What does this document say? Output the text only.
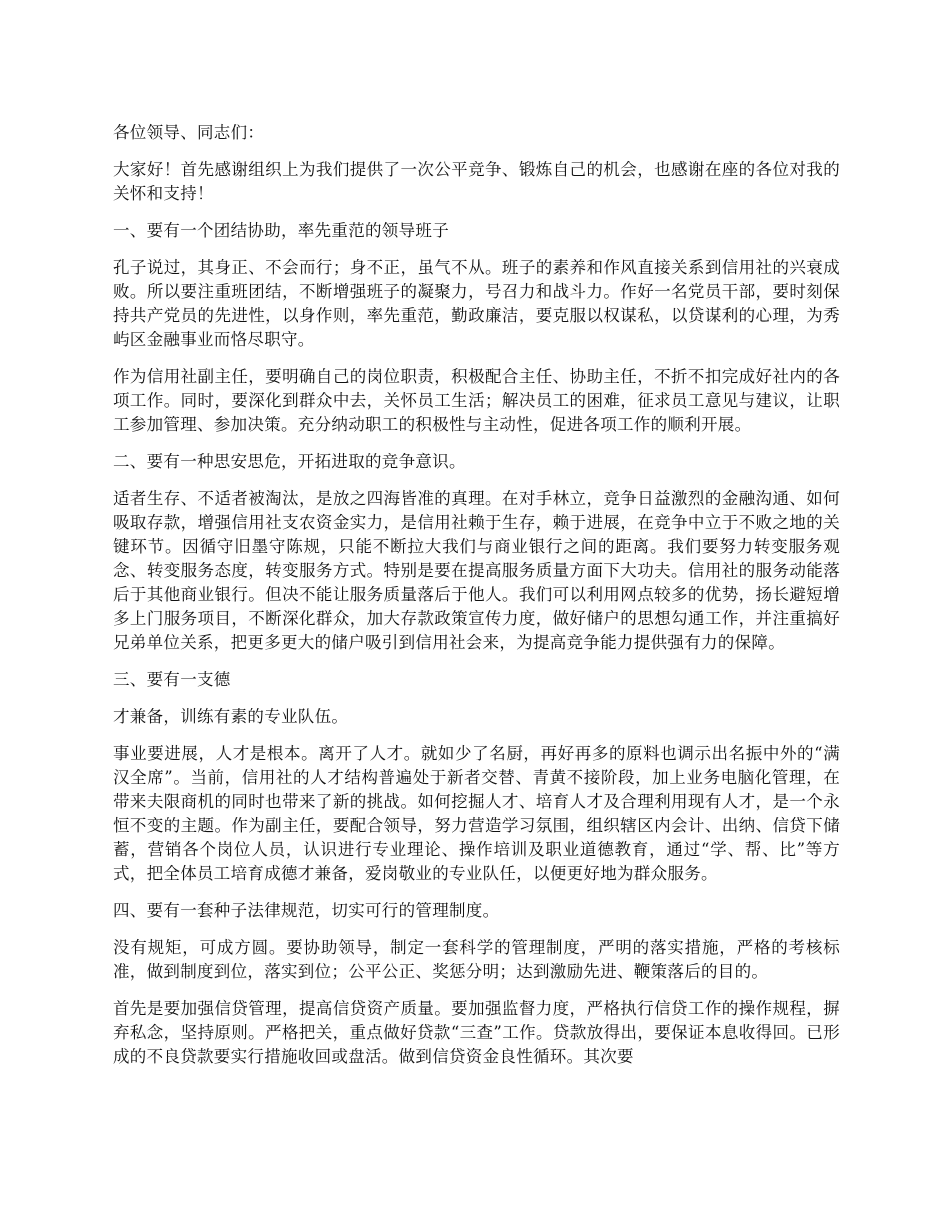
各位领导、同志们：

大家好！首先感谢组织上为我们提供了一次公平竞争、锻炼自己的机会，也感谢在座的各位对我的关怀和支持！

一、要有一个团结协助，率先重范的领导班子

孔子说过，其身正、不会而行；身不正，虽气不从。班子的素养和作风直接关系到信用社的兴衰成败。所以要注重班团结，不断增强班子的凝聚力，号召力和战斗力。作好一名党员干部，要时刻保持共产党员的先进性，以身作则，率先重范，勤政廉洁，要克服以权谋私，以贷谋利的心理，为秀屿区金融事业而恪尽职守。

作为信用社副主任，要明确自己的岗位职责，积极配合主任、协助主任，不折不扣完成好社内的各项工作。同时，要深化到群众中去，关怀员工生活；解决员工的困难，征求员工意见与建议，让职工参加管理、参加决策。充分纳动职工的积极性与主动性，促进各项工作的顺利开展。

二、要有一种思安思危，开拓进取的竞争意识。

适者生存、不适者被淘汰，是放之四海皆准的真理。在对手林立，竞争日益激烈的金融沟通、如何吸取存款，增强信用社支农资金实力，是信用社赖于生存，赖于进展，在竞争中立于不败之地的关键环节。因循守旧墨守陈规，只能不断拉大我们与商业银行之间的距离。我们要努力转变服务观念、转变服务态度，转变服务方式。特别是要在提高服务质量方面下大功夫。信用社的服务动能落后于其他商业银行。但决不能让服务质量落后于他人。我们可以利用网点较多的优势，扬长避短增多上门服务项目，不断深化群众，加大存款政策宣传力度，做好储户的思想勾通工作，并注重搞好兄弟单位关系，把更多更大的储户吸引到信用社会来，为提高竞争能力提供强有力的保障。

三、要有一支德

才兼备，训练有素的专业队伍。

事业要进展，人才是根本。离开了人才。就如少了名厨，再好再多的原料也调示出名振中外的“满汉全席”。当前，信用社的人才结构普遍处于新者交替、青黄不接阶段，加上业务电脑化管理，在带来夫限商机的同时也带来了新的挑战。如何挖掘人才、培育人才及合理利用现有人才，是一个永恒不变的主题。作为副主任，要配合领导，努力营造学习氛围，组织辖区内会计、出纳、信贷下储蓄，营销各个岗位人员，认识进行专业理论、操作培训及职业道德教育，通过“学、帮、比”等方式，把全体员工培育成德才兼备，爱岗敬业的专业队任，以便更好地为群众服务。

四、要有一套种子法律规范，切实可行的管理制度。

没有规矩，可成方圆。要协助领导，制定一套科学的管理制度，严明的落实措施，严格的考核标准，做到制度到位，落实到位；公平公正、奖惩分明；达到激励先进、鞭策落后的目的。

首先是要加强信贷管理，提高信贷资产质量。要加强监督力度，严格执行信贷工作的操作规程，摒弃私念，坚持原则。严格把关，重点做好贷款“三查”工作。贷款放得出，要保证本息收得回。已形成的不良贷款要实行措施收回或盘活。做到信贷资金良性循环。其次要
